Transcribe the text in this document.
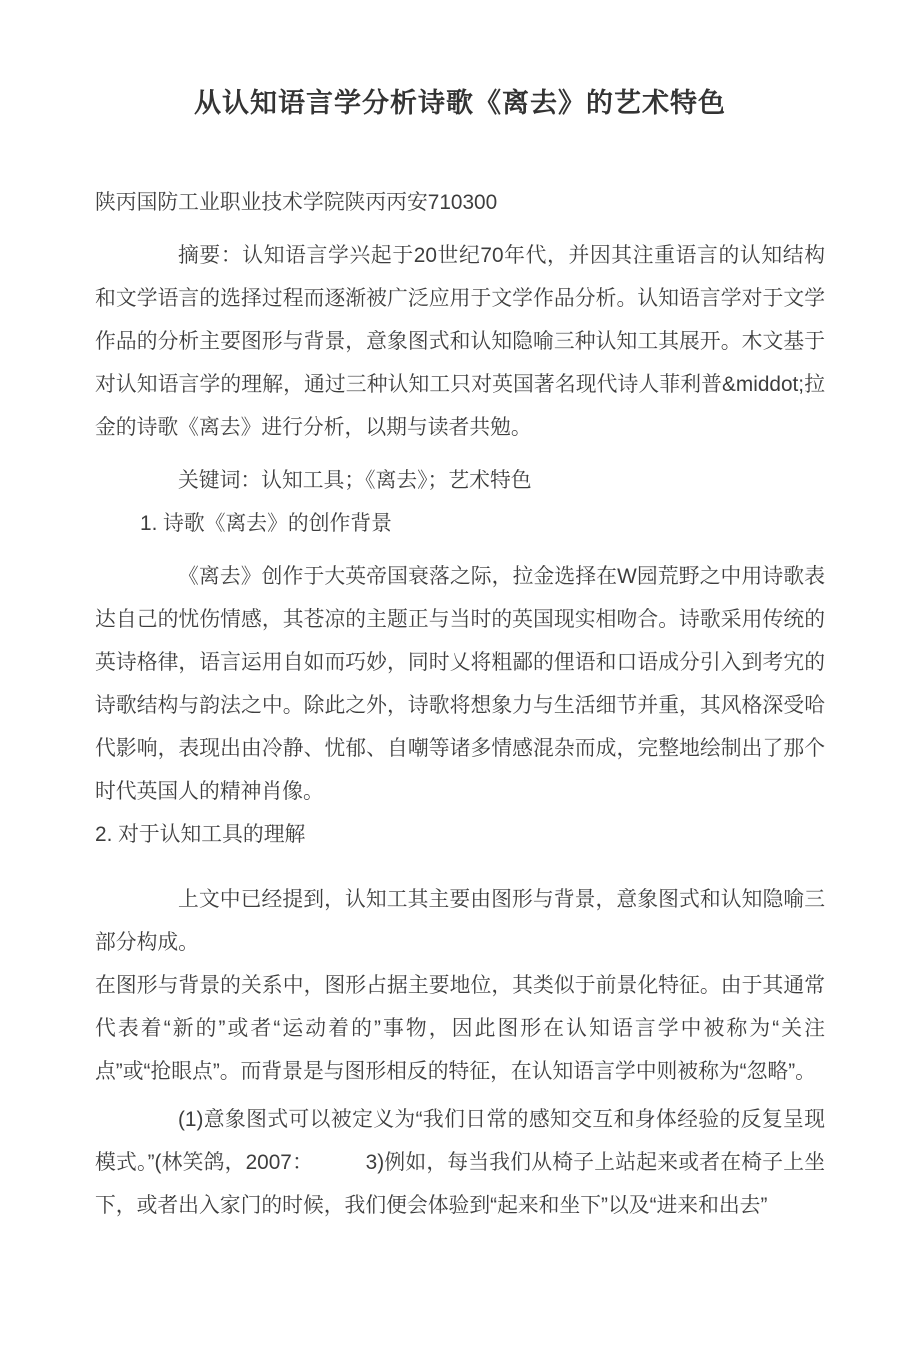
从认知语言学分析诗歌《离去》的艺术特色

陕丙国防工业职业技术学院陕丙丙安710300

摘要：认知语言学兴起于20世纪70年代，并因其注重语言的认知结构和文学语言的选择过程而逐渐被广泛应用于文学作品分析。认知语言学对于文学作品的分析主要图形与背景，意象图式和认知隐喻三种认知工其展开。木文基于对认知语言学的理解，通过三种认知工只对英国著名现代诗人菲利普&middot;拉金的诗歌《离去》进行分析，以期与读者共勉。

关键词：认知工具；《离去》；艺术特色

1. 诗歌《离去》的创作背景

《离去》创作于大英帝国衰落之际，拉金选择在W园荒野之中用诗歌表达自己的忧伤情感，其苍凉的主题正与当时的英国现实相吻合。诗歌采用传统的英诗格律，语言运用自如而巧妙，同时乂将粗鄙的俚语和口语成分引入到考宄的诗歌结构与韵法之中。除此之外，诗歌将想象力与生活细节并重，其风格深受哈代影响，表现出由冷静、忧郁、自嘲等诸多情感混杂而成，完整地绘制出了那个时代英国人的精神肖像。

2. 对于认知工具的理解

上文中已经提到，认知工其主要由图形与背景，意象图式和认知隐喻三部分构成。

在图形与背景的关系中，图形占据主要地位，其类似于前景化特征。由于其通常代表着“新的”或者“运动着的”事物，因此图形在认知语言学中被称为“关注点”或“抢眼点”。而背景是与图形相反的特征，在认知语言学中则被称为“忽略”。

(1)意象图式可以被定义为“我们日常的感知交互和身体经验的反复呈现模式。”(林笑鸽，2007：　　　3)例如，每当我们从椅子上站起来或者在椅子上坐下，或者出入家门的时候，我们便会体验到“起来和坐下”以及“进来和出去”
